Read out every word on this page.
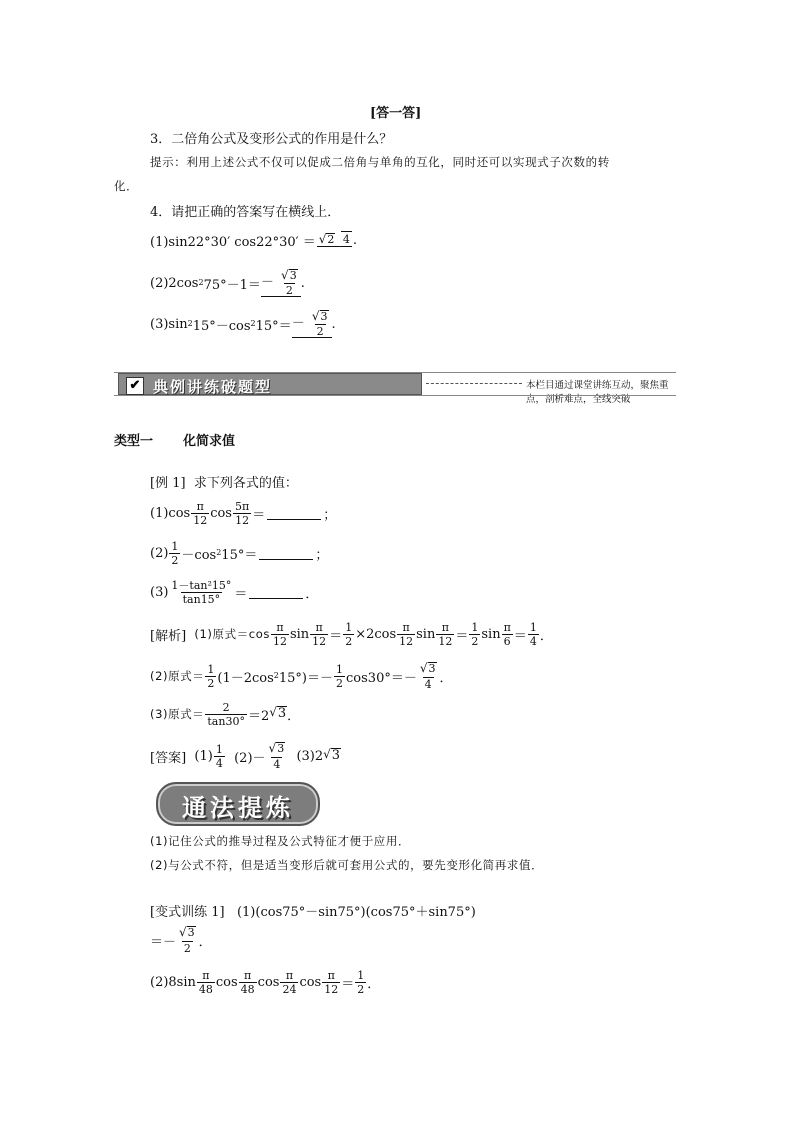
[答一答]
3．二倍角公式及变形公式的作用是什么？
提示：利用上述公式不仅可以促成二倍角与单角的互化，同时还可以实现式子次数的转
化．
4．请把正确的答案写在横线上．
(1)sin22°30′ cos22°30′ ＝ √ 2 4 .
(2)2cos 2 $75^\circ-1= - \frac{√ 3}{2}$ .
(3)sin 2 15°－cos 2 $15^\circ= - \frac{√ 3}{2}$ .
✔ 典例讲练破题型	本栏目通过课堂讲练互动，聚焦重点，剖析难点，全线突破
类型一 化简求值
[例 1] 求下列各式的值：
$(1)\cos \frac{\pi}{12}$ $\cos \frac{5\pi}{12}$ ＝	；
$(2) \frac{1}{2} -\cos$ 2 15°＝	；
$(3) \frac{\text{1－tan²15°}}{\tan 15^\circ}$ ＝	．
[解析]
(1)原式$=\cos \frac{\pi}{12}$ $\sin \frac{\pi}{12} = \frac{1}{2} \times 2\cos \frac{\pi}{12}$ $\sin \frac{\pi}{12} = \frac{1}{2}$ $\sin \frac{\pi}{6} = \frac{1}{4}$ ．
(2)原式＝ $\frac{1}{2} (1-2\cos$ 2 $15^\circ)=- \frac{1}{2} \cos 30^\circ=- \frac{√ 3}{4}$ ．
(3)原式＝ $\frac{2}{\tan 30^\circ} =2$ √ 3 ．
[答案]
$(1) \frac{1}{4}$
$(2)- \frac{√ 3}{4}$
(3)2 √ 3
通法提炼
(1)记住公式的推导过程及公式特征才便于应用．
(2)与公式不符，但是适当变形后就可套用公式的，要先变形化简再求值．
[变式训练 1] (1)(cos75°－sin75°)(cos75°＋sin75°)
＝－ $\frac{√ 3}{2}$ ．
$(2)8\sin \frac{\pi}{48}$ $\cos \frac{\pi}{48}$ $\cos \frac{\pi}{24}$ $\cos \frac{\pi}{12} = \frac{1}{2}$ ．
